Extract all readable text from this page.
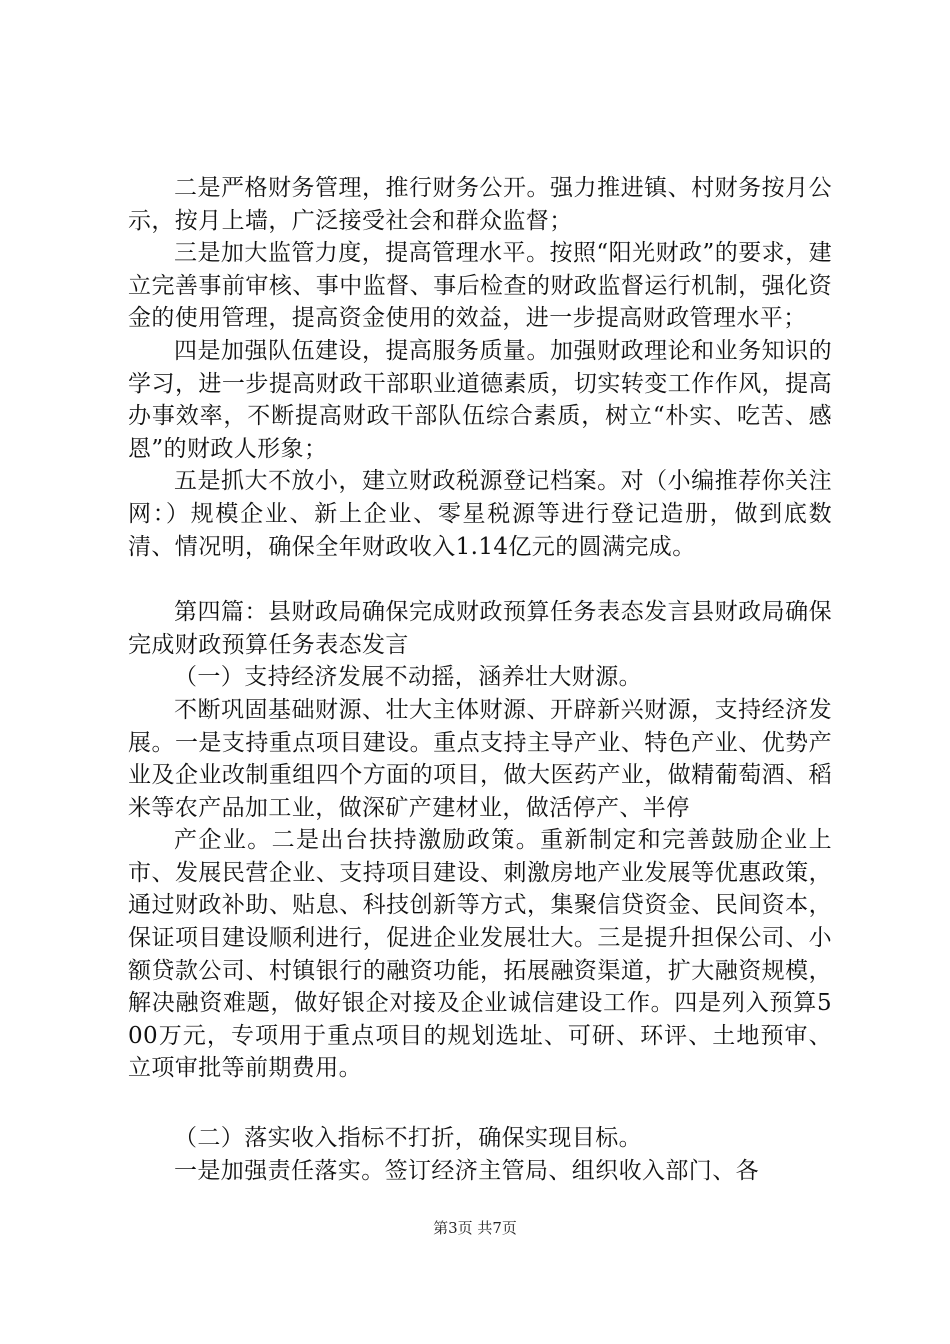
二是严格财务管理，推行财务公开。强力推进镇、村财务按月公示，按月上墙，广泛接受社会和群众监督；

三是加大监管力度，提高管理水平。按照“阳光财政”的要求，建立完善事前审核、事中监督、事后检查的财政监督运行机制，强化资金的使用管理，提高资金使用的效益，进一步提高财政管理水平；

四是加强队伍建设，提高服务质量。加强财政理论和业务知识的学习，进一步提高财政干部职业道德素质，切实转变工作作风，提高办事效率，不断提高财政干部队伍综合素质，树立“朴实、吃苦、感恩”的财政人形象；

五是抓大不放小，建立财政税源登记档案。对（小编推荐你关注网：）规模企业、新上企业、零星税源等进行登记造册，做到底数清、情况明，确保全年财政收入1.14亿元的圆满完成。

第四篇：县财政局确保完成财政预算任务表态发言县财政局确保完成财政预算任务表态发言

（一）支持经济发展不动摇，涵养壮大财源。

不断巩固基础财源、壮大主体财源、开辟新兴财源，支持经济发展。一是支持重点项目建设。重点支持主导产业、特色产业、优势产业及企业改制重组四个方面的项目，做大医药产业，做精葡萄酒、稻米等农产品加工业，做深矿产建材业，做活停产、半停

产企业。二是出台扶持激励政策。重新制定和完善鼓励企业上市、发展民营企业、支持项目建设、刺激房地产业发展等优惠政策，通过财政补助、贴息、科技创新等方式，集聚信贷资金、民间资本，保证项目建设顺利进行，促进企业发展壮大。三是提升担保公司、小额贷款公司、村镇银行的融资功能，拓展融资渠道，扩大融资规模，解决融资难题，做好银企对接及企业诚信建设工作。四是列入预算500万元，专项用于重点项目的规划选址、可研、环评、土地预审、立项审批等前期费用。

（二）落实收入指标不打折，确保实现目标。

一是加强责任落实。签订经济主管局、组织收入部门、各

第3页 共7页
